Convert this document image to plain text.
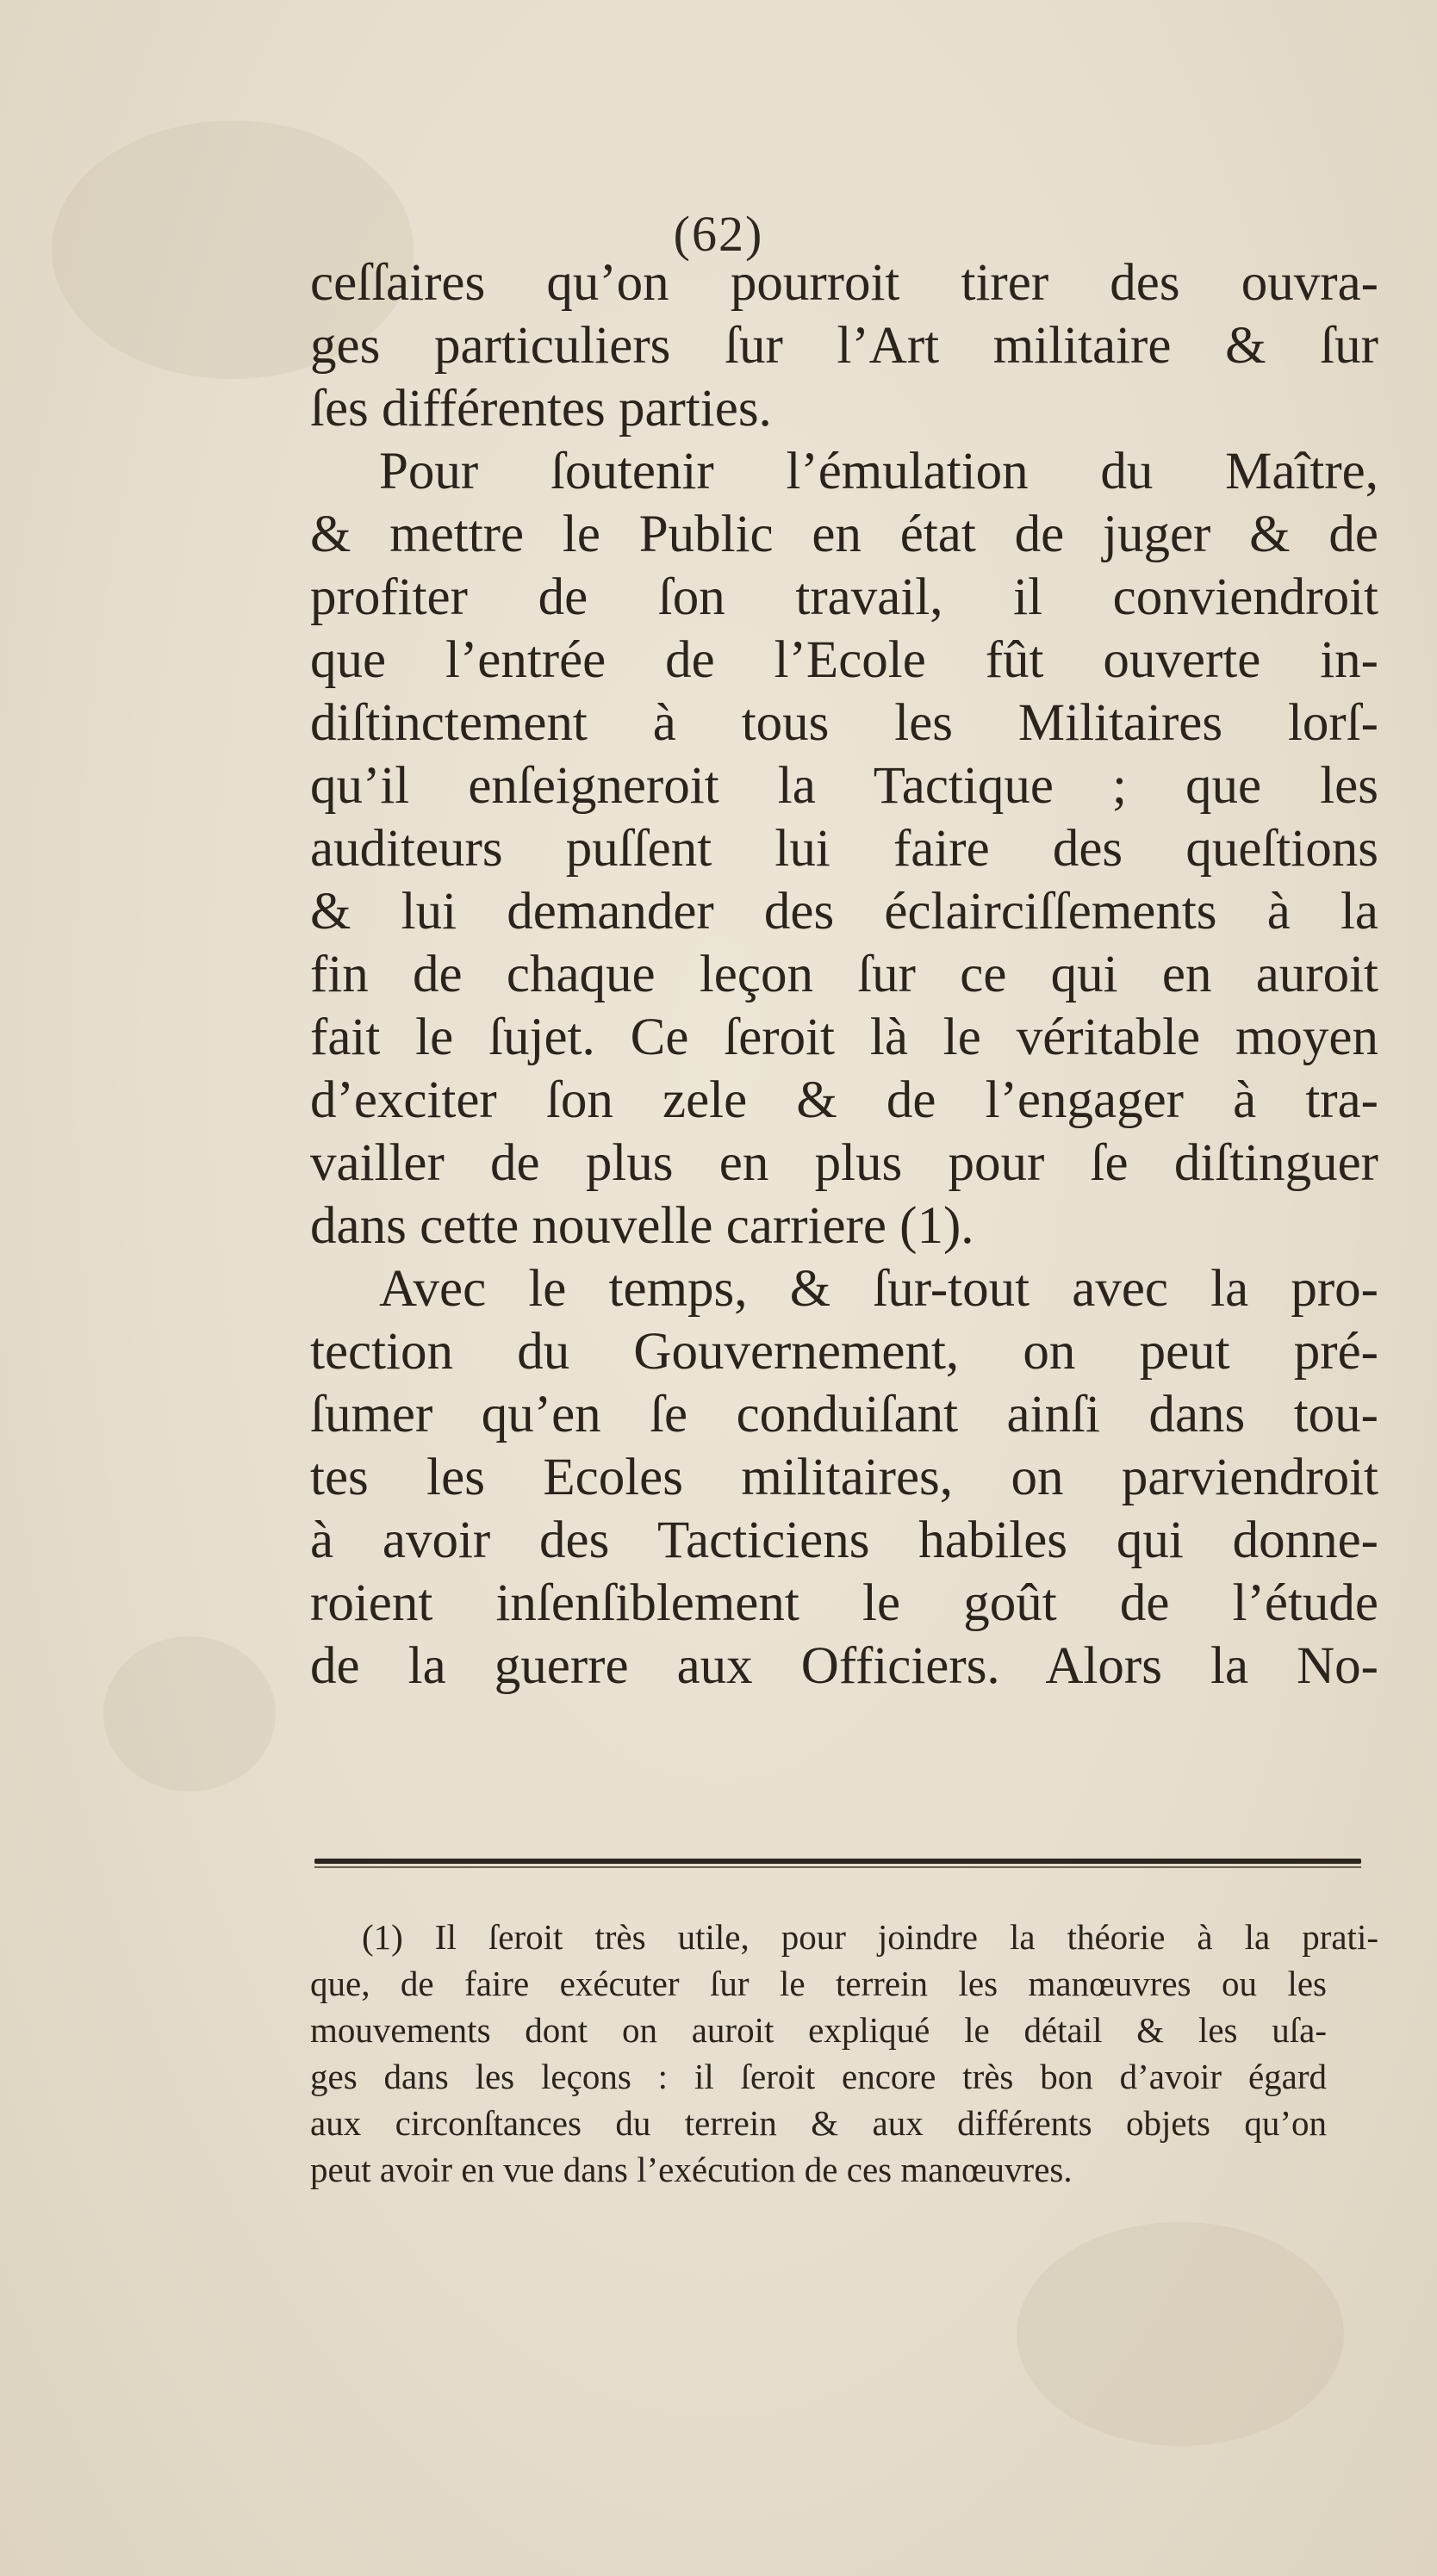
(62)
ceſſaires qu’on pourroit tirer des ouvra-
ges particuliers ſur l’Art militaire & ſur
ſes différentes parties.
Pour ſoutenir l’émulation du Maître,
& mettre le Public en état de juger & de
profiter de ſon travail, il conviendroit
que l’entrée de l’Ecole fût ouverte in-
diſtinctement à tous les Militaires lorſ-
qu’il enſeigneroit la Tactique ; que les
auditeurs puſſent lui faire des queſtions
& lui demander des éclairciſſements à la
fin de chaque leçon ſur ce qui en auroit
fait le ſujet. Ce ſeroit là le véritable moyen
d’exciter ſon zele & de l’engager à tra-
vailler de plus en plus pour ſe diſtinguer
dans cette nouvelle carriere (1).
Avec le temps, & ſur-tout avec la pro-
tection du Gouvernement, on peut pré-
ſumer qu’en ſe conduiſant ainſi dans tou-
tes les Ecoles militaires, on parviendroit
à avoir des Tacticiens habiles qui donne-
roient inſenſiblement le goût de l’étude
de la guerre aux Officiers. Alors la No-
(1) Il ſeroit très utile, pour joindre la théorie à la prati-
que, de faire exécuter ſur le terrein les manœuvres ou les
mouvements dont on auroit expliqué le détail & les uſa-
ges dans les leçons : il ſeroit encore très bon d’avoir égard
aux circonſtances du terrein & aux différents objets qu’on
peut avoir en vue dans l’exécution de ces manœuvres.
